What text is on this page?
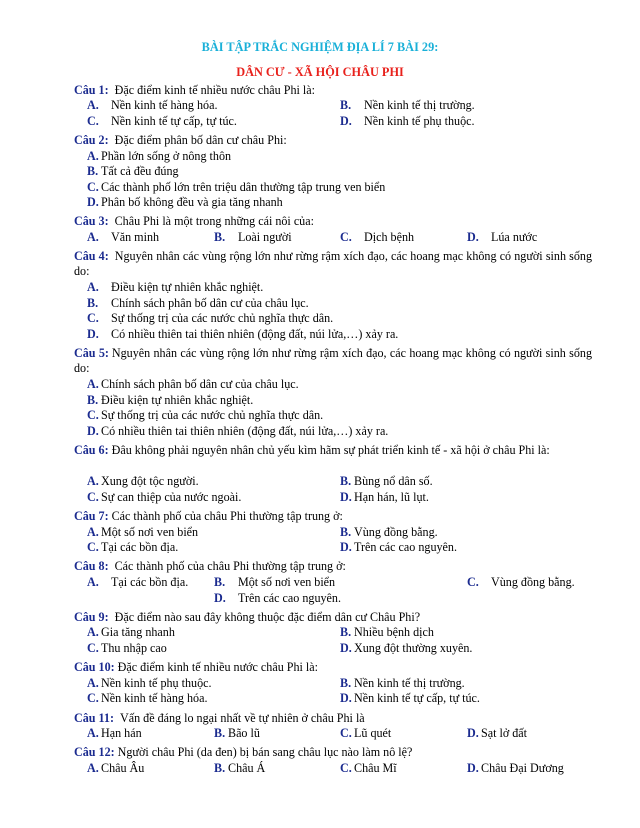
BÀI TẬP TRẮC NGHIỆM ĐỊA LÍ 7 BÀI 29:
DÂN CƯ - XÃ HỘI CHÂU PHI
Câu 1: Đặc điểm kinh tế nhiều nước châu Phi là:
A. Nền kinh tế hàng hóa.	B. Nền kinh tế thị trường.
C. Nền kinh tế tự cấp, tự túc.	D. Nền kinh tế phụ thuộc.
Câu 2: Đặc điểm phân bố dân cư châu Phi:
A. Phần lớn sống ở nông thôn
B. Tất cả đều đúng
C. Các thành phố lớn trên triệu dân thường tập trung ven biển
D. Phân bố không đều và gia tăng nhanh
Câu 3: Châu Phi là một trong những cái nôi của:
A. Văn minh	B. Loài người	C. Dịch bệnh	D. Lúa nước
Câu 4: Nguyên nhân các vùng rộng lớn như rừng rậm xích đạo, các hoang mạc không có người sinh sống do:
A. Điều kiện tự nhiên khắc nghiệt.
B. Chính sách phân bố dân cư của châu lục.
C. Sự thống trị của các nước chủ nghĩa thực dân.
D. Có nhiều thiên tai thiên nhiên (động đất, núi lửa,…) xảy ra.
Câu 5: Nguyên nhân các vùng rộng lớn như rừng rậm xích đạo, các hoang mạc không có người sinh sống do:
A. Chính sách phân bố dân cư của châu lục.
B. Điều kiện tự nhiên khắc nghiệt.
C. Sự thống trị của các nước chủ nghĩa thực dân.
D. Có nhiều thiên tai thiên nhiên (động đất, núi lửa,…) xảy ra.
Câu 6: Đâu không phải nguyên nhân chủ yếu kìm hãm sự phát triển kinh tế - xã hội ở châu Phi là:
A. Xung đột tộc người.	B. Bùng nổ dân số.
C. Sự can thiệp của nước ngoài.	D. Hạn hán, lũ lụt.
Câu 7: Các thành phố của châu Phi thường tập trung ở:
A. Một số nơi ven biển	B. Vùng đồng bằng.
C. Tại các bồn địa.	D. Trên các cao nguyên.
Câu 8: Các thành phố của châu Phi thường tập trung ở:
A. Tại các bồn địa. B. Một số nơi ven biển	C. Vùng đồng bằng.
D. Trên các cao nguyên.
Câu 9: Đặc điểm nào sau đây không thuộc đặc điểm dân cư Châu Phi?
A. Gia tăng nhanh	B. Nhiều bệnh dịch
C. Thu nhập cao	D. Xung đột thường xuyên.
Câu 10: Đặc điểm kinh tế nhiều nước châu Phi là:
A. Nền kinh tế phụ thuộc.	B. Nền kinh tế thị trường.
C. Nền kinh tế hàng hóa.	D. Nền kinh tế tự cấp, tự túc.
Câu 11: Vấn đề đáng lo ngại nhất về tự nhiên ở châu Phi là
A. Hạn hán	B. Bão lũ	C. Lũ quét	D. Sạt lở đất
Câu 12: Người châu Phi (da đen) bị bán sang châu lục nào làm nô lệ?
A. Châu Âu	B. Châu Á	C. Châu Mĩ	D. Châu Đại Dương
